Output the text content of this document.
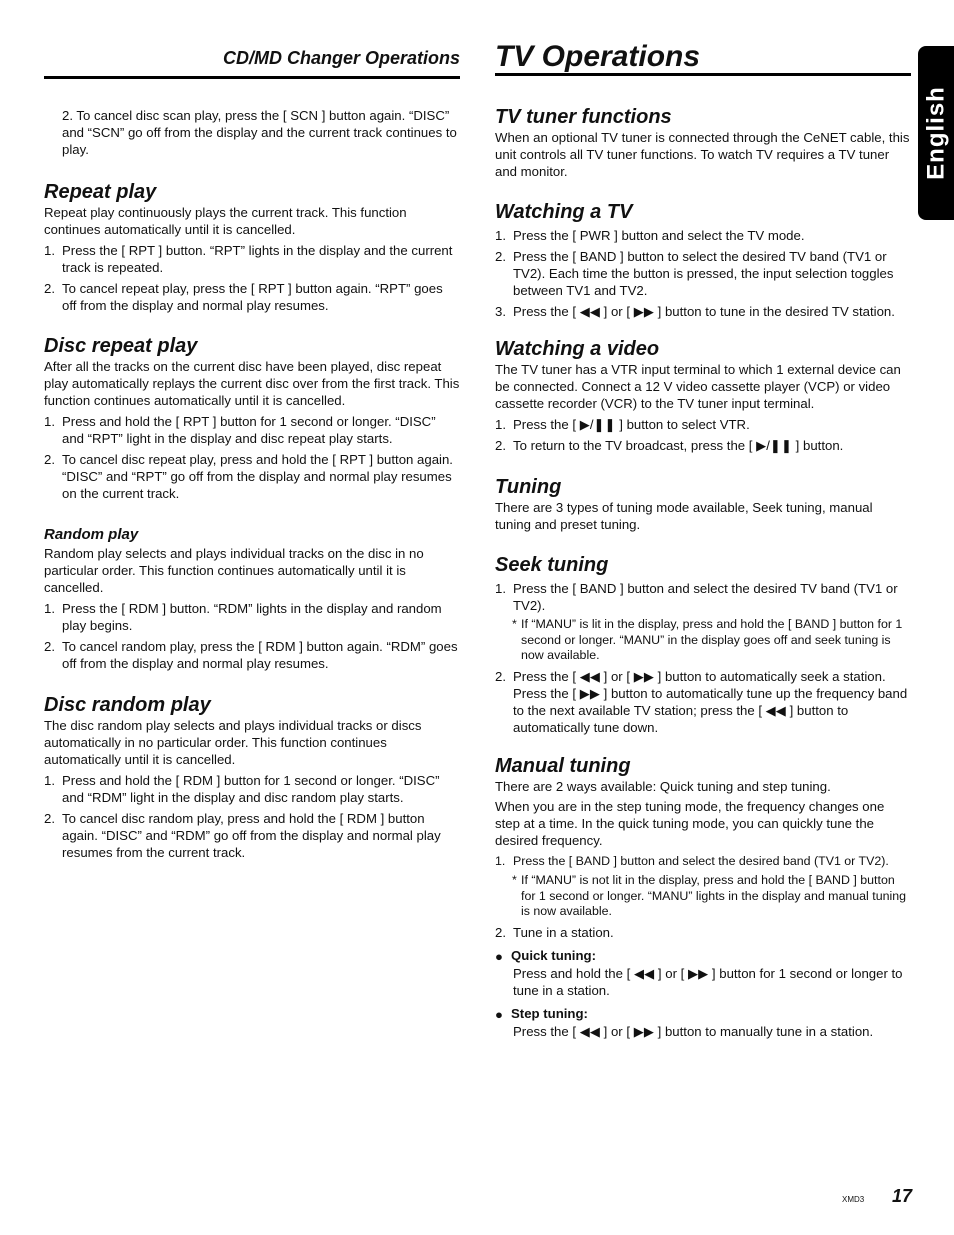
CD/MD Changer Operations TV Operations
English

2. To cancel disc scan play, press the [ SCN ] button again. “DISC” and “SCN” go off from the display and the current track continues to play.

Repeat play

Repeat play continuously plays the current track. This function continues automatically until it is cancelled.

1. Press the [ RPT ] button. “RPT” lights in the display and the current track is repeated.
2. To cancel repeat play, press the [ RPT ] button again. “RPT” goes off from the display and normal play resumes.
Disc repeat play

After all the tracks on the current disc have been played, disc repeat play automatically replays the current disc over from the first track. This function continues automatically until it is cancelled.

1. Press and hold the [ RPT ] button for 1 second or longer. “DISC” and “RPT” light in the display and disc repeat play starts.
2. To cancel disc repeat play, press and hold the [ RPT ] button again. “DISC” and “RPT” go off from the display and normal play resumes on the current track.
Random play

Random play selects and plays individual tracks on the disc in no particular order. This function continues automatically until it is cancelled.

1. Press the [ RDM ] button. “RDM” lights in the display and random play begins.
2. To cancel random play, press the [ RDM ] button again. “RDM” goes off from the display and normal play resumes.
Disc random play

The disc random play selects and plays individual tracks or discs automatically in no particular order. This function continues automatically until it is cancelled.

1. Press and hold the [ RDM ] button for 1 second or longer. “DISC” and “RDM” light in the display and disc random play starts.
2. To cancel disc random play, press and hold the [ RDM ] button again. “DISC” and “RDM” go off from the display and normal play resumes from the current track.
TV tuner functions

When an optional TV tuner is connected through the CeNET cable, this unit controls all TV tuner functions. To watch TV requires a TV tuner and monitor.

Watching a TV
1. Press the [ PWR ] button and select the TV mode.
2. Press the [ BAND ] button to select the desired TV band (TV1 or TV2). Each time the button is pressed, the input selection toggles between TV1 and TV2.
3. Press the [ ◀◀ ] or [ ▶▶ ] button to tune in the desired TV station.
Watching a video

The TV tuner has a VTR input terminal to which 1 external device can be connected. Connect a 12 V video cassette player (VCP) or video cassette recorder (VCR) to the TV tuner input terminal.

1. Press the [ ▶/❚❚ ] button to select VTR.
2. To return to the TV broadcast, press the [ ▶/❚❚ ] button.
Tuning

There are 3 types of tuning mode available, Seek tuning, manual tuning and preset tuning.

Seek tuning
1. Press the [ BAND ] button and select the desired TV band (TV1 or TV2).
* If “MANU” is lit in the display, press and hold the [ BAND ] button for 1 second or longer. “MANU” in the display goes off and seek tuning is now available.
2. Press the [ ◀◀ ] or [ ▶▶ ] button to automatically seek a station. Press the [ ▶▶ ] button to automatically tune up the frequency band to the next available TV station; press the [ ◀◀ ] button to automatically tune down.
Manual tuning

There are 2 ways available: Quick tuning and step tuning.

When you are in the step tuning mode, the frequency changes one step at a time. In the quick tuning mode, you can quickly tune the desired frequency.

1. Press the [ BAND ] button and select the desired band (TV1 or TV2).
* If “MANU” is not lit in the display, press and hold the [ BAND ] button for 1 second or longer. “MANU” lights in the display and manual tuning is now available.
2. Tune in a station.
● Quick tuning:

Press and hold the [ ◀◀ ] or [ ▶▶ ] button for 1 second or longer to tune in a station.

● Step tuning:

Press the [ ◀◀ ] or [ ▶▶ ] button to manually tune in a station.

XMD3 17
